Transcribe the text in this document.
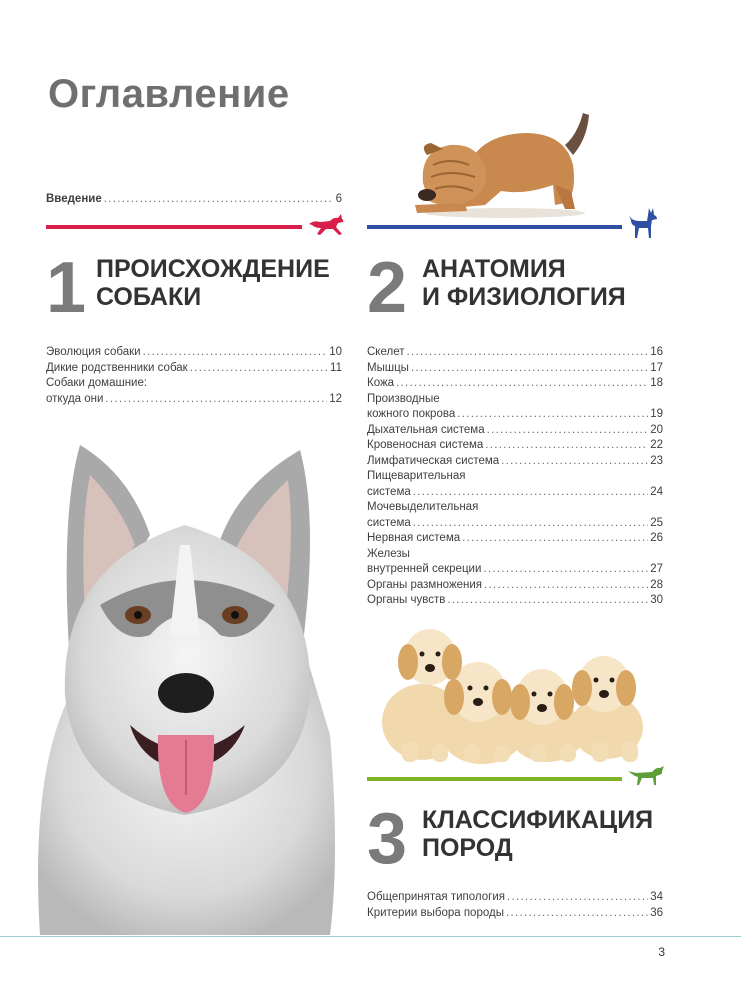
Оглавление
Введение .....	6
1 ПРОИСХОЖДЕНИЕ
СОБАКИ	2 АНАТОМИЯ
И ФИЗИОЛОГИЯ
Эволюция собаки .....	10
Дикие родственники собак .....	11
Собаки домашние:
откуда они .....	12
Скелет .....	16
Мышцы .....	17
Кожа .....	18
Производные
кожного покрова .....	19
Дыхательная система .....	20
Кровеносная система .....	22
Лимфатическая система .....	23
Пищеварительная
система .....	24
Мочевыделительная
система .....	25
Нервная система .....	26
Железы
внутренней секреции .....	27
Органы размножения .....	28
Органы чувств .....	30
3 КЛАССИФИКАЦИЯ
ПОРОД
Общепринятая типология .....	34
Критерии выбора породы .....	36
3
